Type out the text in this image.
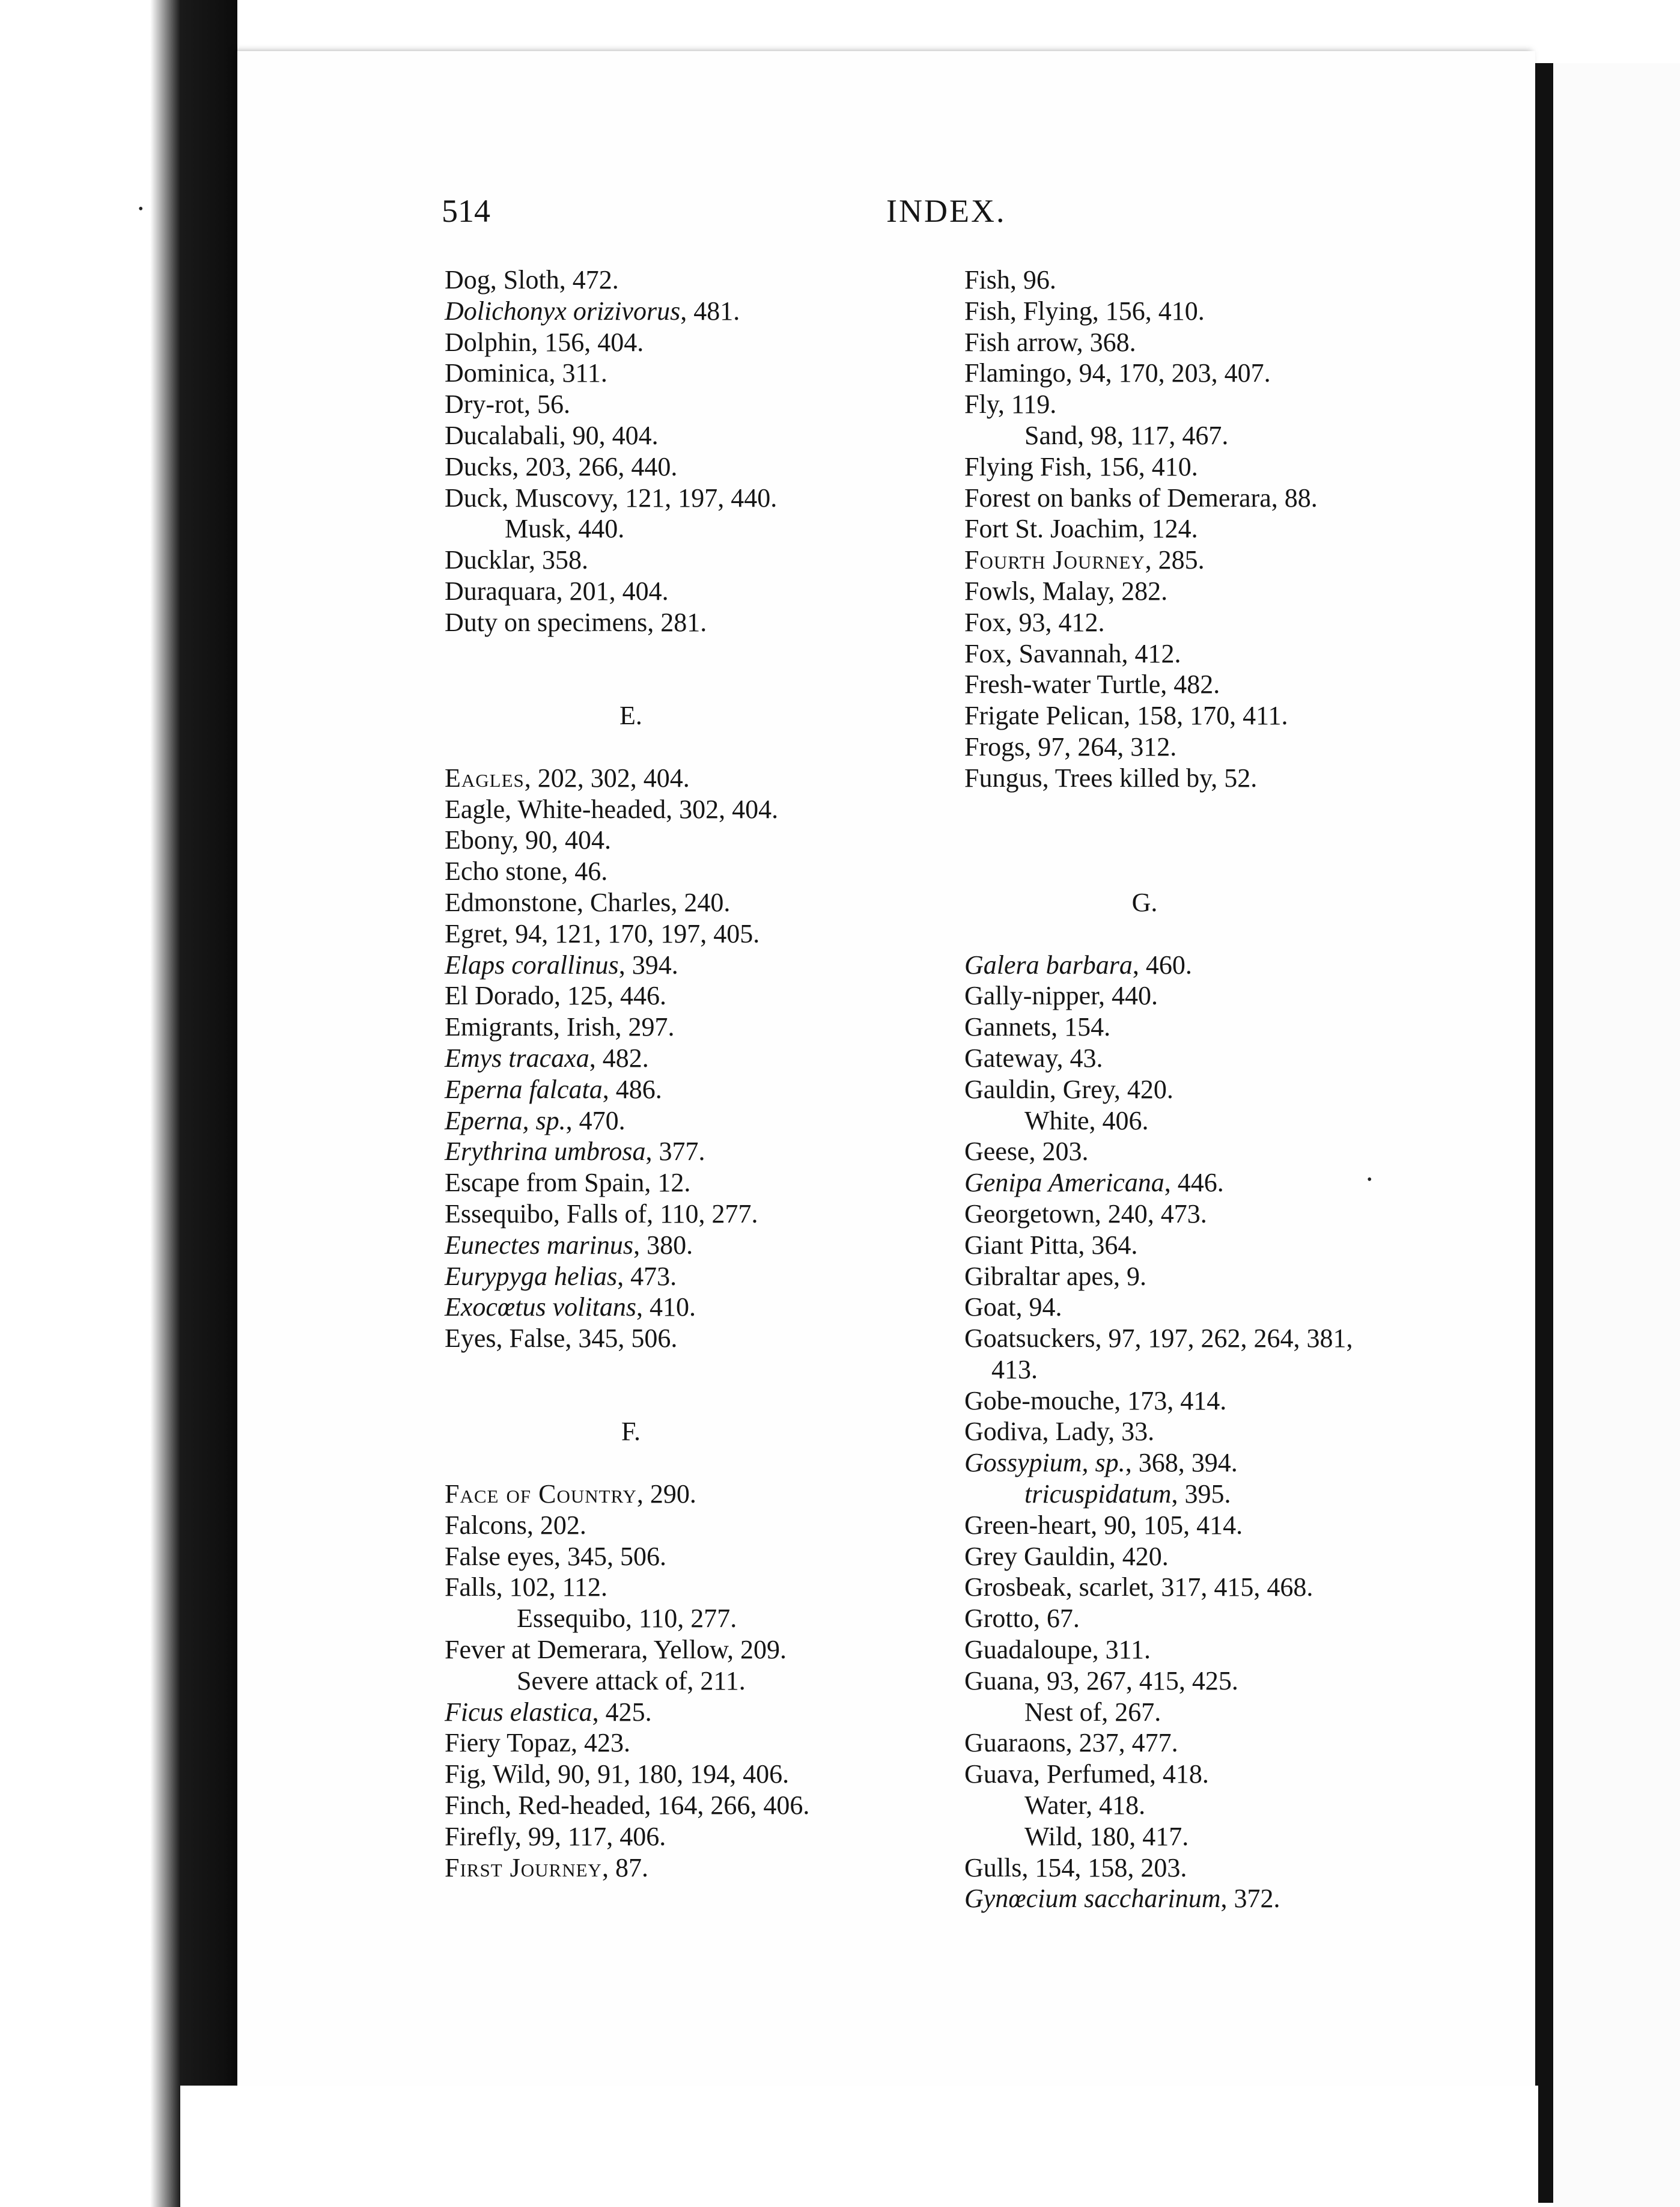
•
•
514	INDEX.
Dog, Sloth, 472.
Dolichonyx orizivorus, 481.
Dolphin, 156, 404.
Dominica, 311.
Dry-rot, 56.
Ducalabali, 90, 404.
Ducks, 203, 266, 440.
Duck, Muscovy, 121, 197, 440.
Musk, 440.
Ducklar, 358.
Duraquara, 201, 404.
Duty on specimens, 281.
E.
Eagles, 202, 302, 404.
Eagle, White-headed, 302, 404.
Ebony, 90, 404.
Echo stone, 46.
Edmonstone, Charles, 240.
Egret, 94, 121, 170, 197, 405.
Elaps corallinus, 394.
El Dorado, 125, 446.
Emigrants, Irish, 297.
Emys tracaxa, 482.
Eperna falcata, 486.
Eperna, sp., 470.
Erythrina umbrosa, 377.
Escape from Spain, 12.
Essequibo, Falls of, 110, 277.
Eunectes marinus, 380.
Eurypyga helias, 473.
Exocœtus volitans, 410.
Eyes, False, 345, 506.
F.
Face of Country, 290.
Falcons, 202.
False eyes, 345, 506.
Falls, 102, 112.
Essequibo, 110, 277.
Fever at Demerara, Yellow, 209.
Severe attack of, 211.
Ficus elastica, 425.
Fiery Topaz, 423.
Fig, Wild, 90, 91, 180, 194, 406.
Finch, Red-headed, 164, 266, 406.
Firefly, 99, 117, 406.
First Journey, 87.
Fish, 96.
Fish, Flying, 156, 410.
Fish arrow, 368.
Flamingo, 94, 170, 203, 407.
Fly, 119.
Sand, 98, 117, 467.
Flying Fish, 156, 410.
Forest on banks of Demerara, 88.
Fort St. Joachim, 124.
Fourth Journey, 285.
Fowls, Malay, 282.
Fox, 93, 412.
Fox, Savannah, 412.
Fresh-water Turtle, 482.
Frigate Pelican, 158, 170, 411.
Frogs, 97, 264, 312.
Fungus, Trees killed by, 52.
G.
Galera barbara, 460.
Gally-nipper, 440.
Gannets, 154.
Gateway, 43.
Gauldin, Grey, 420.
White, 406.
Geese, 203.
Genipa Americana, 446.
Georgetown, 240, 473.
Giant Pitta, 364.
Gibraltar apes, 9.
Goat, 94.
Goatsuckers, 97, 197, 262, 264, 381,
413.
Gobe-mouche, 173, 414.
Godiva, Lady, 33.
Gossypium, sp., 368, 394.
tricuspidatum, 395.
Green-heart, 90, 105, 414.
Grey Gauldin, 420.
Grosbeak, scarlet, 317, 415, 468.
Grotto, 67.
Guadaloupe, 311.
Guana, 93, 267, 415, 425.
Nest of, 267.
Guaraons, 237, 477.
Guava, Perfumed, 418.
Water, 418.
Wild, 180, 417.
Gulls, 154, 158, 203.
Gynœcium saccharinum, 372.
